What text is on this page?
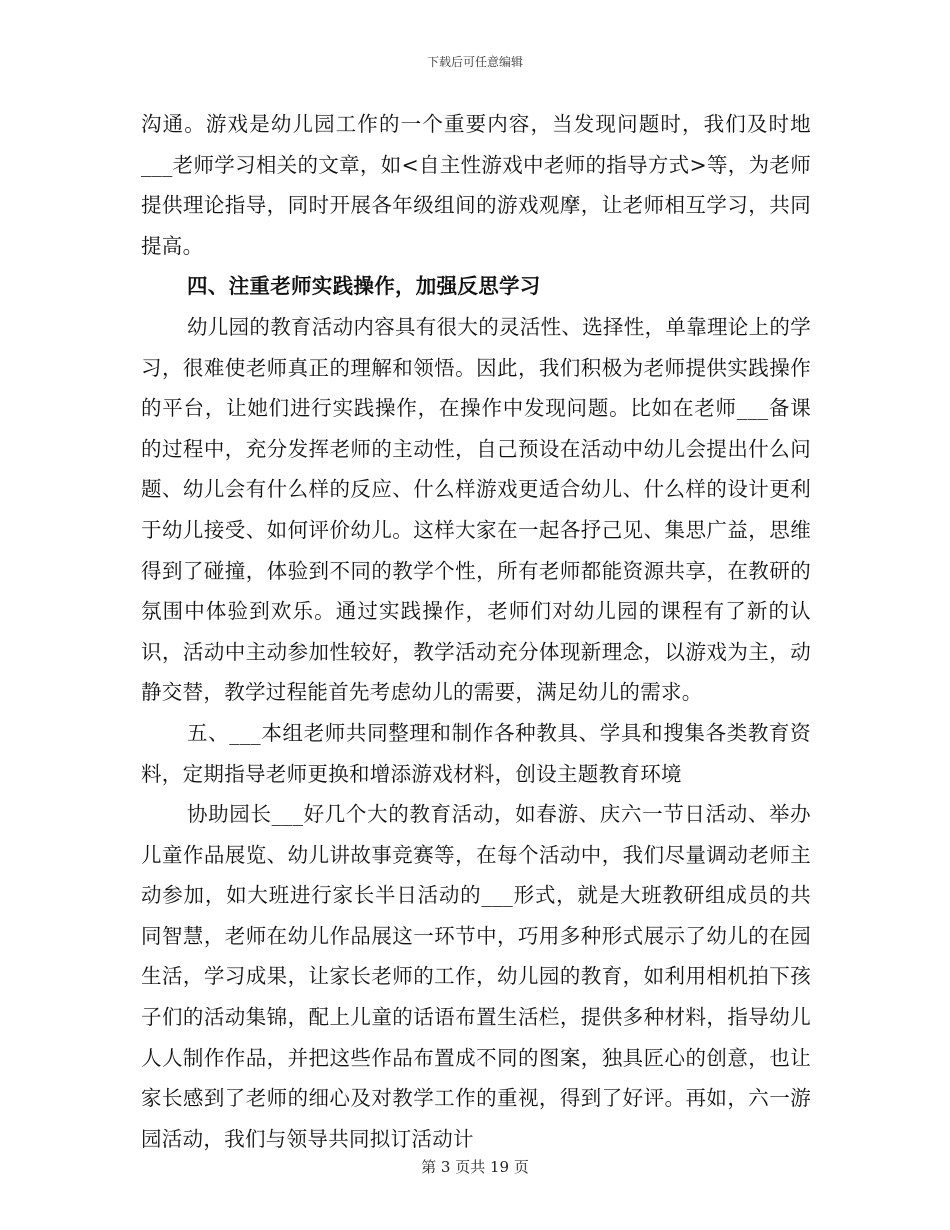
下载后可任意编辑

沟通。游戏是幼儿园工作的一个重要内容，当发现问题时，我们及时地___老师学习相关的文章，如<自主性游戏中老师的指导方式>等，为老师提供理论指导，同时开展各年级组间的游戏观摩，让老师相互学习，共同提高。

四、注重老师实践操作，加强反思学习

幼儿园的教育活动内容具有很大的灵活性、选择性，单靠理论上的学习，很难使老师真正的理解和领悟。因此，我们积极为老师提供实践操作的平台，让她们进行实践操作，在操作中发现问题。比如在老师___备课的过程中，充分发挥老师的主动性，自己预设在活动中幼儿会提出什么问题、幼儿会有什么样的反应、什么样游戏更适合幼儿、什么样的设计更利于幼儿接受、如何评价幼儿。这样大家在一起各抒己见、集思广益，思维得到了碰撞，体验到不同的教学个性，所有老师都能资源共享，在教研的氛围中体验到欢乐。通过实践操作，老师们对幼儿园的课程有了新的认识，活动中主动参加性较好，教学活动充分体现新理念，以游戏为主，动静交替，教学过程能首先考虑幼儿的需要，满足幼儿的需求。

五、___本组老师共同整理和制作各种教具、学具和搜集各类教育资料，定期指导老师更换和增添游戏材料，创设主题教育环境

协助园长___好几个大的教育活动，如春游、庆六一节日活动、举办儿童作品展览、幼儿讲故事竞赛等，在每个活动中，我们尽量调动老师主动参加，如大班进行家长半日活动的___形式，就是大班教研组成员的共同智慧，老师在幼儿作品展这一环节中，巧用多种形式展示了幼儿的在园生活，学习成果，让家长老师的工作，幼儿园的教育，如利用相机拍下孩子们的活动集锦，配上儿童的话语布置生活栏，提供多种材料，指导幼儿人人制作作品，并把这些作品布置成不同的图案，独具匠心的创意，也让家长感到了老师的细心及对教学工作的重视，得到了好评。再如，六一游园活动，我们与领导共同拟订活动计

第 3 页共 19 页
